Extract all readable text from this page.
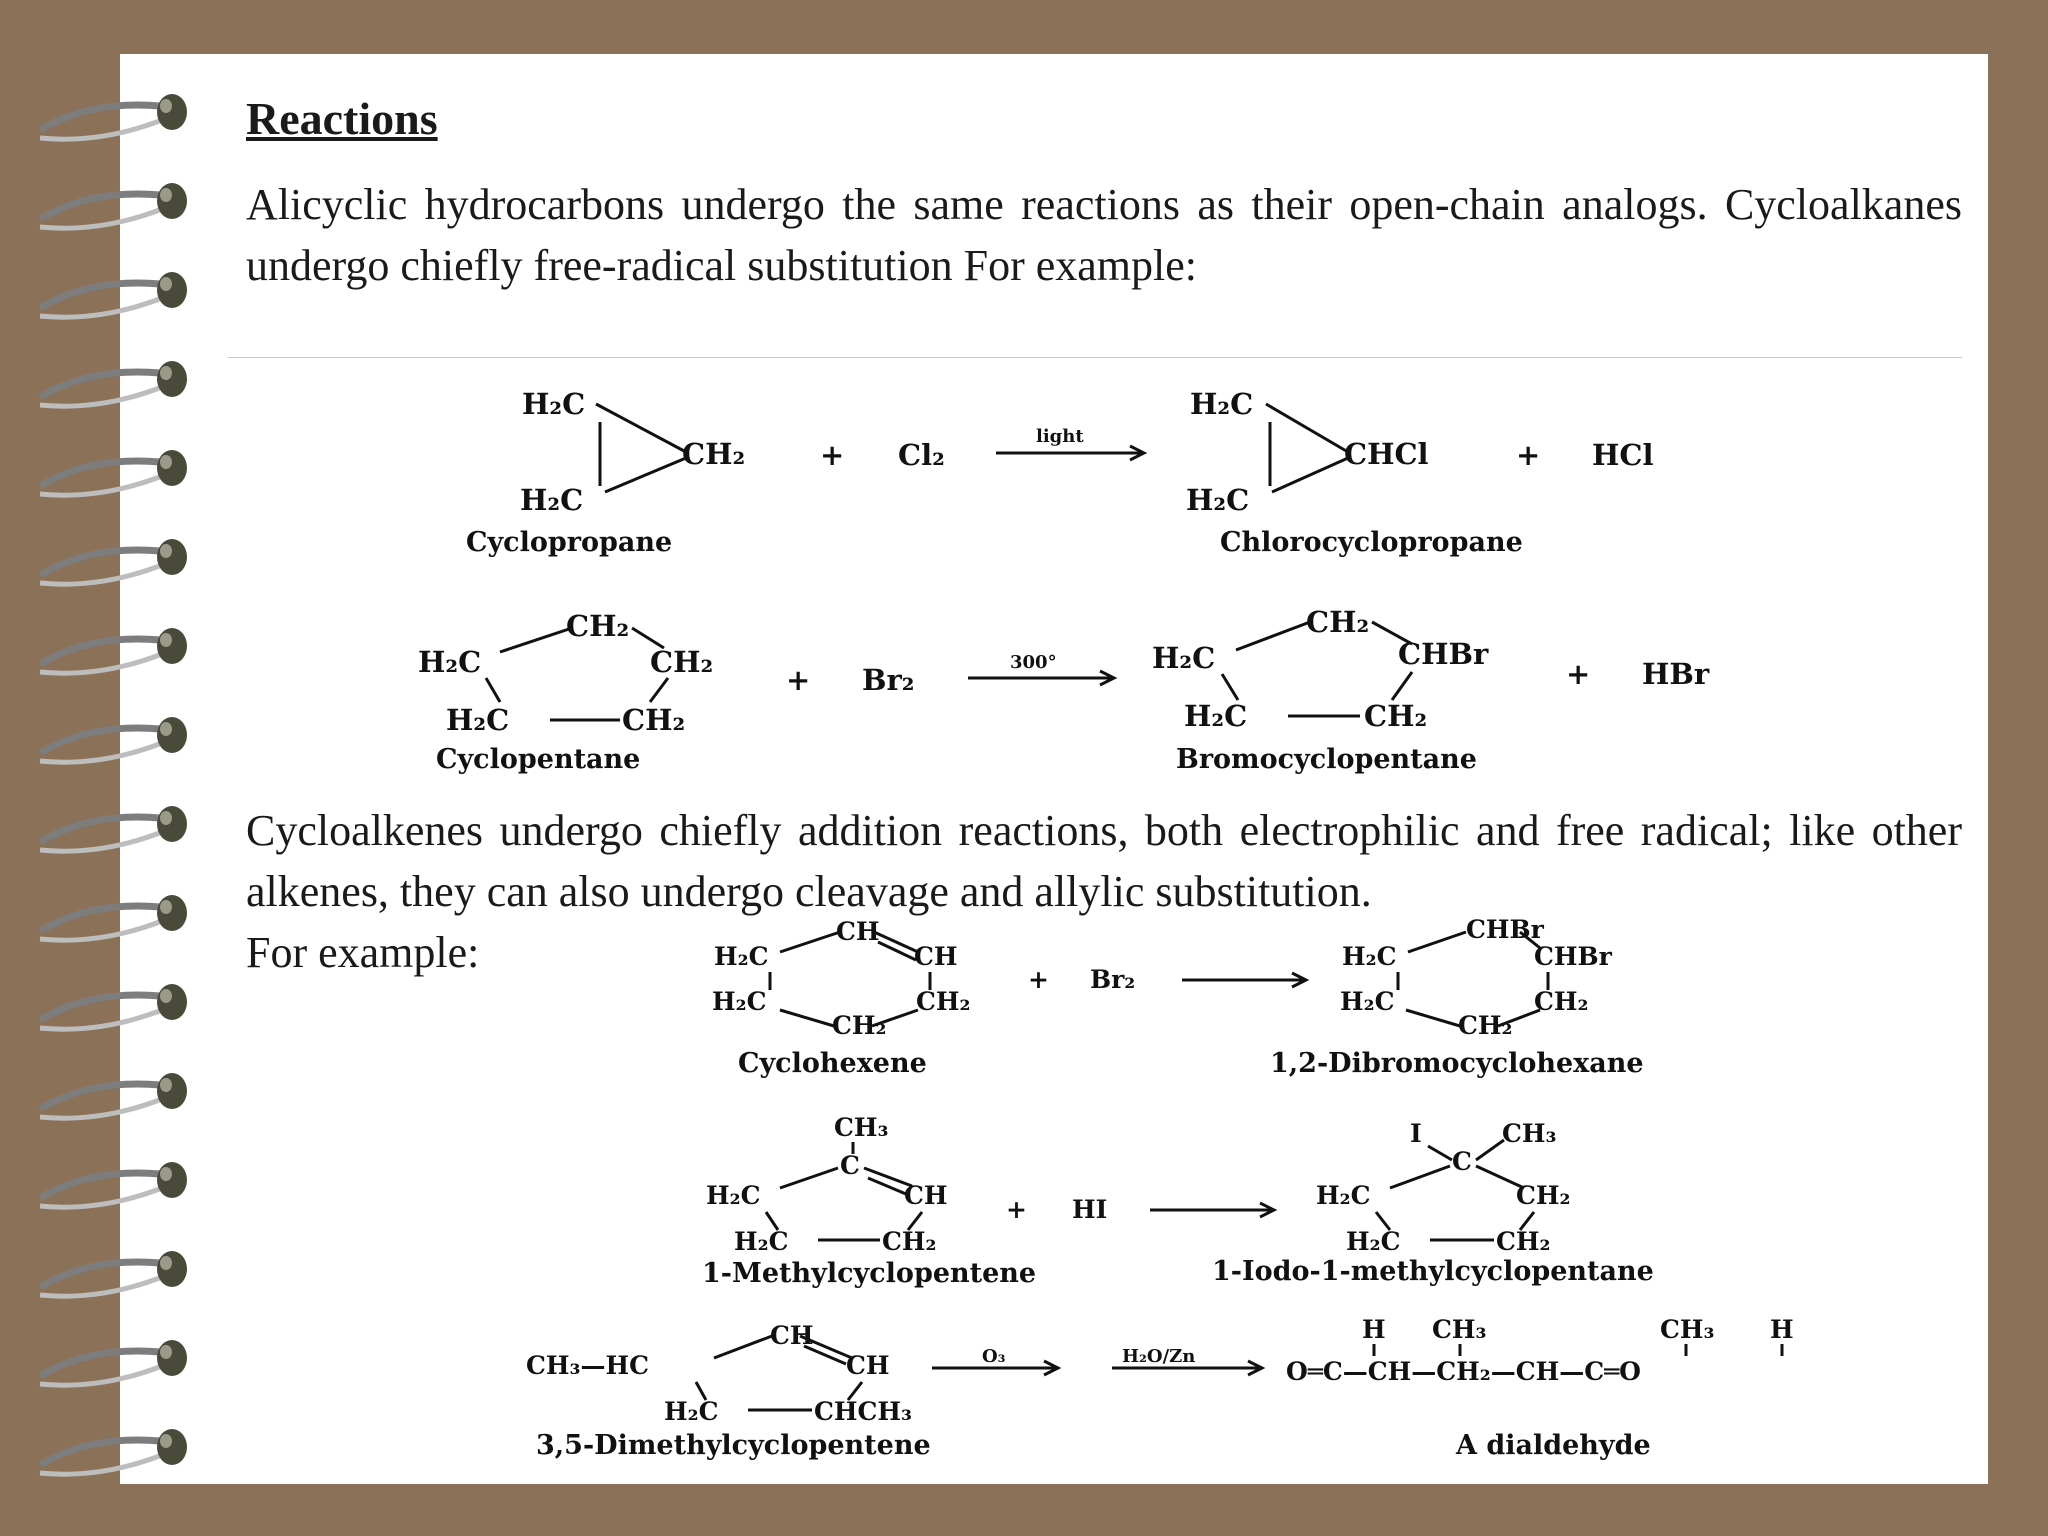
Reactions
Alicyclic hydrocarbons undergo the same reactions as their open-chain analogs. Cycloalkanes undergo chiefly free-radical substitution For example:
Cycloalkenes undergo chiefly addition reactions, both electrophilic and free radical; like other alkenes, they can also undergo cleavage and allylic substitution.
For example:
H₂C
CH₂
H₂C
Cyclopropane
+ Cl₂
light
H₂C
CHCl
H₂C
+ HCl
Chlorocyclopropane
CH₂
H₂C	CH₂
H₂C	CH₂
Cyclopentane
+ Br₂
300°
CH₂
H₂C	CHBr
H₂C	CH₂
+ HBr
Bromocyclopentane
CH
H₂C	CH
H₂C	CH₂
CH₂
Cyclohexene
+ Br₂
CHBr
H₂C	CHBr
H₂C	CH₂
CH₂
1,2-Dibromocyclohexane
CH₃
C
H₂C	CH
H₂C	CH₂
1-Methylcyclopentene
+ HI
I	CH₃
C
H₂C	CH₂
H₂C	CH₂
1-Iodo-1-methylcyclopentane
CH
CH₃—HC	CH
H₂C	CHCH₃
3,5-Dimethylcyclopentene
O₃	H₂O/Zn
H CH₃	CH₃ H
O═C—CH—CH₂—CH—C═O
A dialdehyde
